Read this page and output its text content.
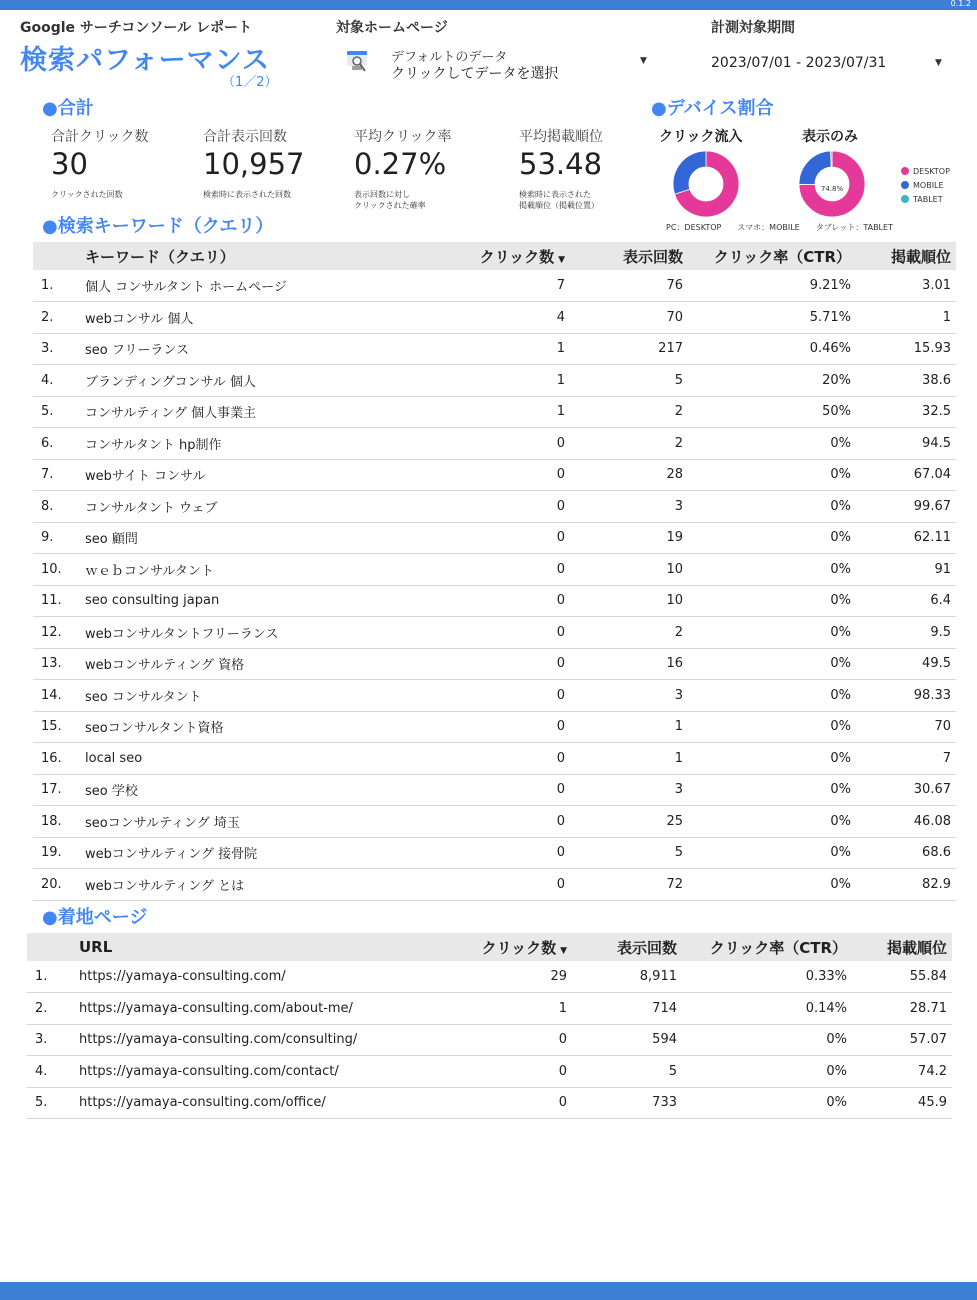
0.1.2
Google サーチコンソール レポート
検索パフォーマンス
（1／2）
対象ホームページ
デフォルトのデータ
クリックしてデータを選択
▼
計測対象期間
2023/07/01 - 2023/07/31	▼
●合計
合計クリック数
30
クリックされた回数
合計表示回数
10,957
検索時に表示された回数
平均クリック率
0.27%
表示回数に対し
クリックされた確率
平均掲載順位
53.48
検索時に表示された
掲載順位（掲載位置）
●デバイス割合
クリック流入	表示のみ
74.8%
DESKTOP
MOBILE
TABLET
PC：DESKTOP　　スマホ：MOBILE　　タブレット：TABLET
●検索キーワード（クエリ）
	キーワード（クエリ）	クリック数 ▼	表示回数	クリック率（CTR）	掲載順位
1.	個人 コンサルタント ホームページ	7	76	9.21%	3.01
2.	webコンサル 個人	4	70	5.71%	1
3.	seo フリーランス	1	217	0.46%	15.93
4.	ブランディングコンサル 個人	1	5	20%	38.6
5.	コンサルティング 個人事業主	1	2	50%	32.5
6.	コンサルタント hp制作	0	2	0%	94.5
7.	webサイト コンサル	0	28	0%	67.04
8.	コンサルタント ウェブ	0	3	0%	99.67
9.	seo 顧問	0	19	0%	62.11
10.	ｗｅｂコンサルタント	0	10	0%	91
11.	seo consulting japan	0	10	0%	6.4
12.	webコンサルタントフリーランス	0	2	0%	9.5
13.	webコンサルティング 資格	0	16	0%	49.5
14.	seo コンサルタント	0	3	0%	98.33
15.	seoコンサルタント資格	0	1	0%	70
16.	local seo	0	1	0%	7
17.	seo 学校	0	3	0%	30.67
18.	seoコンサルティング 埼玉	0	25	0%	46.08
19.	webコンサルティング 接骨院	0	5	0%	68.6
20.	webコンサルティング とは	0	72	0%	82.9
●着地ページ
	URL	クリック数 ▼	表示回数	クリック率（CTR）	掲載順位
1.	https://yamaya-consulting.com/	29	8,911	0.33%	55.84
2.	https://yamaya-consulting.com/about-me/	1	714	0.14%	28.71
3.	https://yamaya-consulting.com/consulting/	0	594	0%	57.07
4.	https://yamaya-consulting.com/contact/	0	5	0%	74.2
5.	https://yamaya-consulting.com/office/	0	733	0%	45.9
